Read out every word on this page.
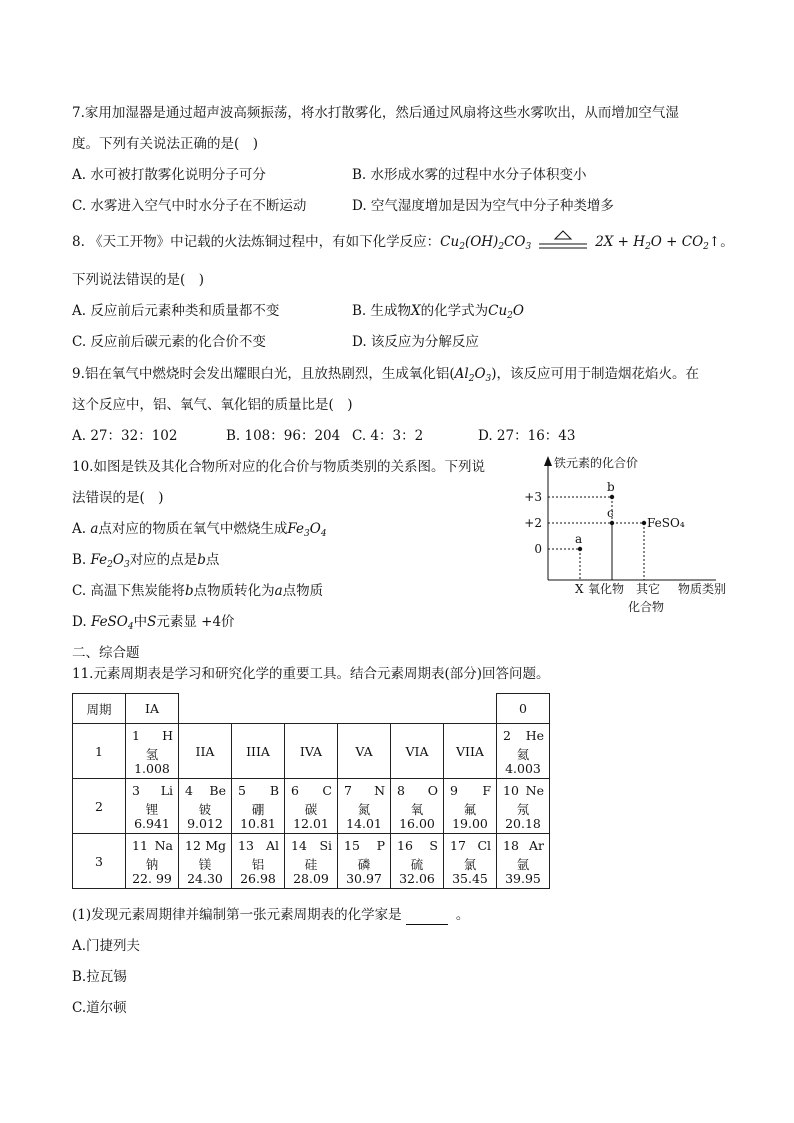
7.家用加湿器是通过超声波高频振荡，将水打散雾化，然后通过风扇将这些水雾吹出，从而增加空气湿
度。下列有关说法正确的是(　)
A. 水可被打散雾化说明分子可分	B. 水形成水雾的过程中水分子体积变小
C. 水雾进入空气中时水分子在不断运动	D. 空气湿度增加是因为空气中分子种类增多
8. 《天工开物》中记载的火法炼铜过程中，有如下化学反应：$Cu_2(OH)_2CO_3$	$2X + H_2O$ + $CO_2↑$。
下列说法错误的是(　)
A. 反应前后元素种类和质量都不变	B. 生成物X的化学式为$Cu_2O$
C. 反应前后碳元素的化合价不变	D. 该反应为分解反应
9.铝在氧气中燃烧时会发出耀眼白光，且放热剧烈，生成氧化铝$(Al_2O_3)$，该反应可用于制造烟花焰火。在
这个反应中，铝、氧气、氧化铝的质量比是(　)
A. 27：32：102	B. 108：96：204 C. 4：3：2	D. 27：16：43
10.如图是铁及其化合物所对应的化合价与物质类别的关系图。下列说
法错误的是(　)
A. a点对应的物质在氧气中燃烧生成$Fe_3O_4$
B. $Fe_2O_3$对应的点是b点
C. 高温下焦炭能将b点物质转化为a点物质
D. FeSO$_4$中S元素显 +4价
铁元素的化合价
+3
+2
0
a
b
c
FeSO₄
X 氧化物 其它化合物
物质类别
二、综合题
11.元素周期表是学习和研究化学的重要工具。结合元素周期表(部分)回答问题。
周期	IA							0
1	1 H
氢
1.008	IIA	IIIA	IVA	VA	VIA	VIIA	2 He
氦
4.003

2	3 Li
锂
6.941	4 Be
铍
9.012	5 B
硼
10.81	6 C
碳
12.01	7 N
氮
14.01	8 O
氧
16.00	9 F
氟
19.00	10 Ne
氖
20.18

3	11 Na
钠
22. 99	12 Mg
镁
24.30	13 Al
铝
26.98	14 Si
硅
28.09	15 P
磷
30.97	16 S
硫
32.06	17 Cl
氯
35.45	18 Ar
氩
39.95
(1)发现元素周期律并编制第一张元素周期表的化学家是	。
A.门捷列夫
B.拉瓦锡
C.道尔顿
